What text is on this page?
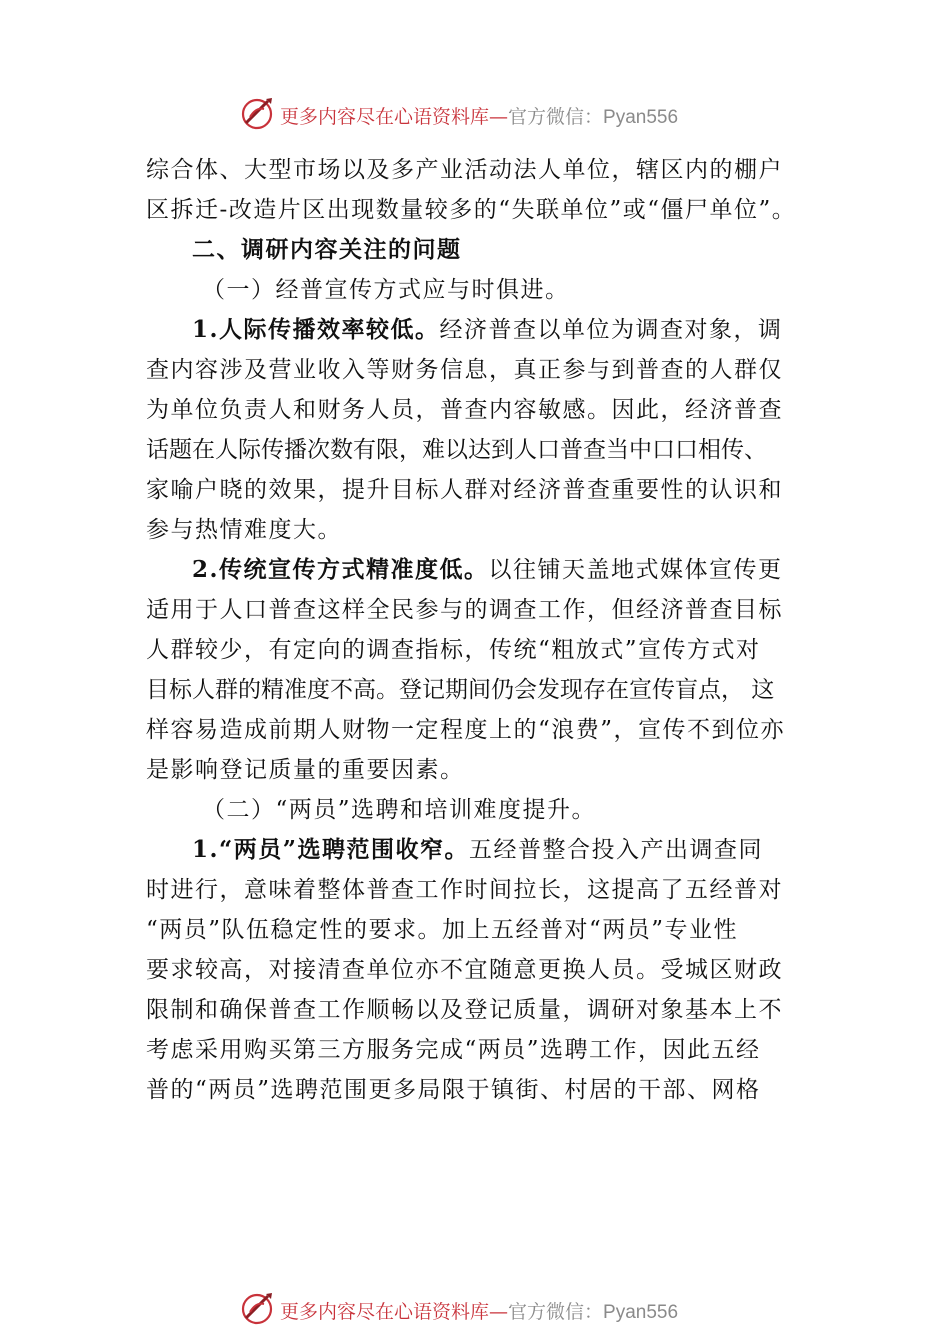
更多内容尽在心语资料库—官方微信：Pyan556
综合体、大型市场以及多产业活动法人单位，辖区内的棚户
区拆迁-改造片区出现数量较多的“失联单位”或“僵尸单位”。
二、调研内容关注的问题
（一）经普宣传方式应与时俱进。
1.人际传播效率较低。经济普查以单位为调查对象，调
查内容涉及营业收入等财务信息，真正参与到普查的人群仅
为单位负责人和财务人员，普查内容敏感。因此，经济普查
话题在人际传播次数有限，难以达到人口普查当中口口相传、
家喻户晓的效果，提升目标人群对经济普查重要性的认识和
参与热情难度大。
2.传统宣传方式精准度低。以往铺天盖地式媒体宣传更
适用于人口普查这样全民参与的调查工作，但经济普查目标
人群较少，有定向的调查指标，传统“粗放式”宣传方式对
目标人群的精准度不高。登记期间仍会发现存在宣传盲点， 这
样容易造成前期人财物一定程度上的“浪费”，宣传不到位亦
是影响登记质量的重要因素。
（二）“两员”选聘和培训难度提升。
1.“两员”选聘范围收窄。五经普整合投入产出调查同
时进行，意味着整体普查工作时间拉长，这提高了五经普对
“两员”队伍稳定性的要求。加上五经普对“两员”专业性
要求较高，对接清查单位亦不宜随意更换人员。受城区财政
限制和确保普查工作顺畅以及登记质量，调研对象基本上不
考虑采用购买第三方服务完成“两员”选聘工作，因此五经
普的“两员”选聘范围更多局限于镇街、村居的干部、网格
更多内容尽在心语资料库—官方微信：Pyan556
